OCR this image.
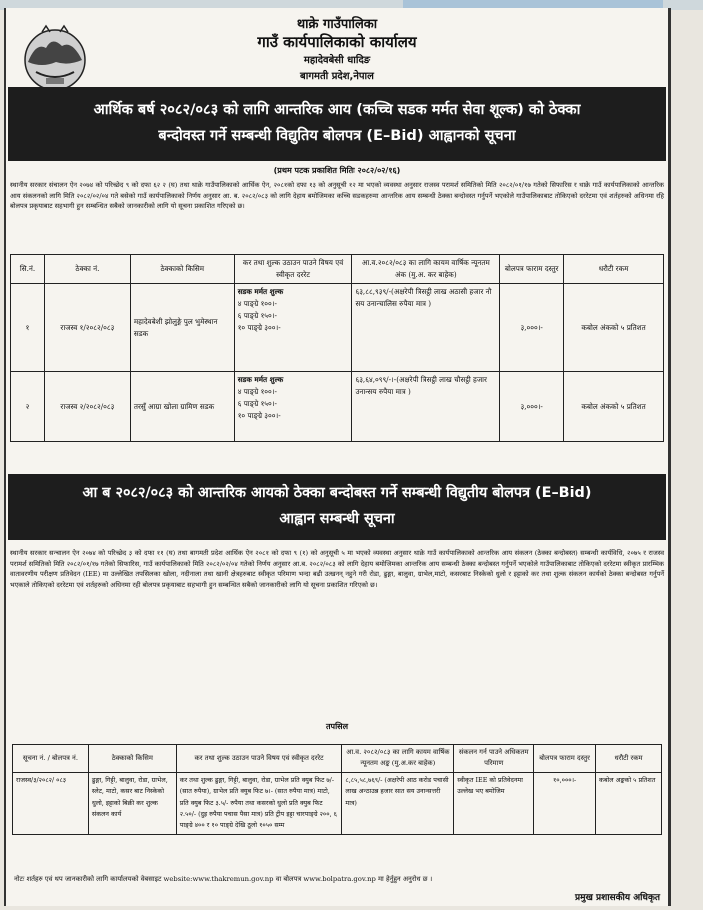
थाक्रे गाउँपालिका
गाउँ कार्यपालिकाको कार्यालय
महादेवबेसी धादिङ
बागमती प्रदेश,नेपाल
आर्थिक बर्ष २०८२/०८३ को लागि आन्तरिक आय (कच्चि सडक मर्मत सेवा शूल्क) को ठेक्का
बन्दोवस्त गर्ने सम्बन्धी विद्युतिय बोलपत्र (E–Bid) आह्वानको सूचना
(प्रथम पटक प्रकाशित मितिः २०८२/०२/१६)
स्थानीय सरकार संचालन ऐन २०७४ को परिच्छेद ९ को दफा ६२ २ (घ) तथा थाक्रे गाउँपालिकाको आर्थिक ऐन, २०८१को दफा १३ को अनुसूची १२ मा भएको व्यवस्था अनुसार राजस्व परामर्श समितिको मिति २०८२/०१/१७ गतेको सिफारिस र थाक्रे गाउँ कार्यपालिकाको आन्तरिक आय संकलनको लागि मिति २०८२/०२/०४ गते बसेको गाउँ कार्यपालिकाको निर्णय अनुसार आ. ब. २०८२/०८३ को लागि देहाय बमोजिमका कच्चि सडकहरुमा आन्तरिक आय सम्बन्धी ठेक्का बन्दोवस्त गर्नुपर्ने भएकोले गाउँपालिकाबाट तोकिएको दररेटमा एवं शर्तहरुको अधिनमा रहि बोलपत्र प्रकृयाबाट सहभागी हुन सम्बन्धित सबैको जानकारीको लागि यो सूचना प्रकाशित गरिएको छ।
सि.नं.	ठेक्का नं.	ठेक्काको किसिम	कर तथा शुल्क उठाउन पाउने विषय एवं स्वीकृत दररेट	आ.व.२०८२/०८३ का लागि कायम वार्षिक न्यूनतम अंक (मु.अ. कर बाहेक)	बोलपत्र फाराम दस्तुर	धरौटी रकम
१	राजस्व १/२०८२/०८३	महादेवबेशी झोलुङ्गे पुल भुमेस्थान सडक	सडक मर्मत शुल्क
४ पाङ्ग्रे १००।-
६ पाङ्ग्रे १५०।-
१० पाङ्ग्रे ३००।-	६३,८८,९३९/-(अक्षरेपी त्रिसट्ठी लाख अठासी हजार नौ सय उनान्चालिस रुपैया मात्र )	३,०००।-	कबोल अंकको ५ प्रतिशत
२	राजस्व २/२०८२/०८३	तरसुँ आग्रा खोला ग्रामिण सडक	सडक मर्मत शुल्क
४ पाङ्ग्रे १००।-
६ पाङ्ग्रे १५०।-
१० पाङ्ग्रे ३००।-	६३,६४,०९९/-।-(अक्षरेपी त्रिसट्ठी लाख चौसट्ठी हजार उनान्सय रुपैया मात्र )	३,०००।-	कबोल अंकको ५ प्रतिशत
आ ब २०८२/०८३ को आन्तरिक आयको ठेक्का बन्दोबस्त गर्ने सम्बन्धी विद्युतीय बोलपत्र (E–Bid)
आह्वान सम्बन्धी सूचना
स्थानीय सरकार सन्चालन ऐन २०७४ को परिच्छेद ३ को दफा ११ (घ) तथा बागमती प्रदेश आर्थिक ऐन २०८१ को दफा ९ (१) को अनुसूची ५ मा भएको व्यवस्था अनुसार थाक्रे गाउँ कार्यपालिकाको आन्तरिक आय संकलन (ठेक्का बन्दोबस्त) सम्बन्धी कार्यविधि, २०७५ र राजस्व परामर्श समितिको मिति २०८२/०१/१७ गतेको सिफारिस, गाउँ कार्यपालिकाको मिति २०८२/०२/०४ गतेको निर्णय अनुसार आ.ब. २०८२/०८३ को लागि देहाय बमोजिमका आन्तरिक आय सम्बन्धी ठेक्का बन्दोबस्त गर्नुपर्ने भएकोले गाउँपालिकाबाट तोकिएको दररेटमा स्वीकृत प्रारम्भिक वातावरणीय परीक्षण प्रतिवेदन (IEE) मा उल्लेखित तपसिलका खोला, नदीनाला तथा खानी क्षेत्रहरुबाट स्वीकृत परिमाण भन्दा बढी उत्खनन् नहुने गरी रोडा, ढुङ्गा, बालुवा, ग्राभेल,माटो, कसरबाट निस्केको धुलो र इट्टाको कर तथा शुल्क संकलन कार्यको ठेक्का बन्दोबस्त गर्नुपर्ने भएकाले तोकिएको दररेटमा एवं शर्तहरुको अधिनमा रही बोलपत्र प्रकृयाबाट सहभागी हुन सम्बन्धित सबैको जानकारीको लागि यो सूचना प्रकाशित गरिएको छ।
तपसिल
सूचना नं. / बोलपत्र नं.	ठेक्काको किसिम	कर तथा शुल्क उठाउन पाउने विषय एवं स्वीकृत दररेट	आ.व. २०८२/०८३ का लागि कायम वार्षिक न्यूनतम अङ्क (मु.अ.कर बाहेक)	संकलन गर्न पाउने अधिकतम परिमाण	बोलपत्र फाराम दस्तुर	धरौटी रकम
राजस्व/३/२०८२/ ०८३	ढुङ्गा, गिट्टी, बालुवा, रोडा, ग्राभेल, स्लेट, माटो, कसर बाट निस्केको धुलो, इट्टाको बिक्री कर शुल्क संकलन कार्य	कर तथा शुल्क ढुङ्गा, गिट्टी, बालुवा, रोडा, ग्राभेल प्रति क्युब फिट ७/- (सात रुपैया), ग्राभेल प्रति क्युब फिट ७।- (सात रुपैया मात्र) माटो, प्रति क्युब फिट ३.५/- रुपैया तथा कसरको धुलो प्रति क्युब फिट २.५०/- (दुइ रुपैया पचास पैसा मात्र) प्रति ट्रीप इट्टा चारपाङ्ग्रे २००, ६ पाङ्ग्रे ४०० र १० पाङ्ग्रे देखि ठूलो १०५० सम्म	८,८५,५८,७६९/- (अक्षरेपी आठ करोड पचासी लाख अन्ठाउन्न हजार सात सय उनान्सत्तरी मात्र)	स्वीकृत IEE को प्रतिवेदनमा उल्लेख भए बमोजिम	१०,०००।-	कबोल अङ्कको ५ प्रतिशत
नोटः शर्तहरु एवं थप जानकारीको लागि कार्यालयको वेबसाइट website:www.thakremun.gov.np वा बोलपत्र www.bolpatra.gov.np मा हेर्नुहुन अनुरोध छ ।
प्रमुख प्रशासकीय अधिकृत
